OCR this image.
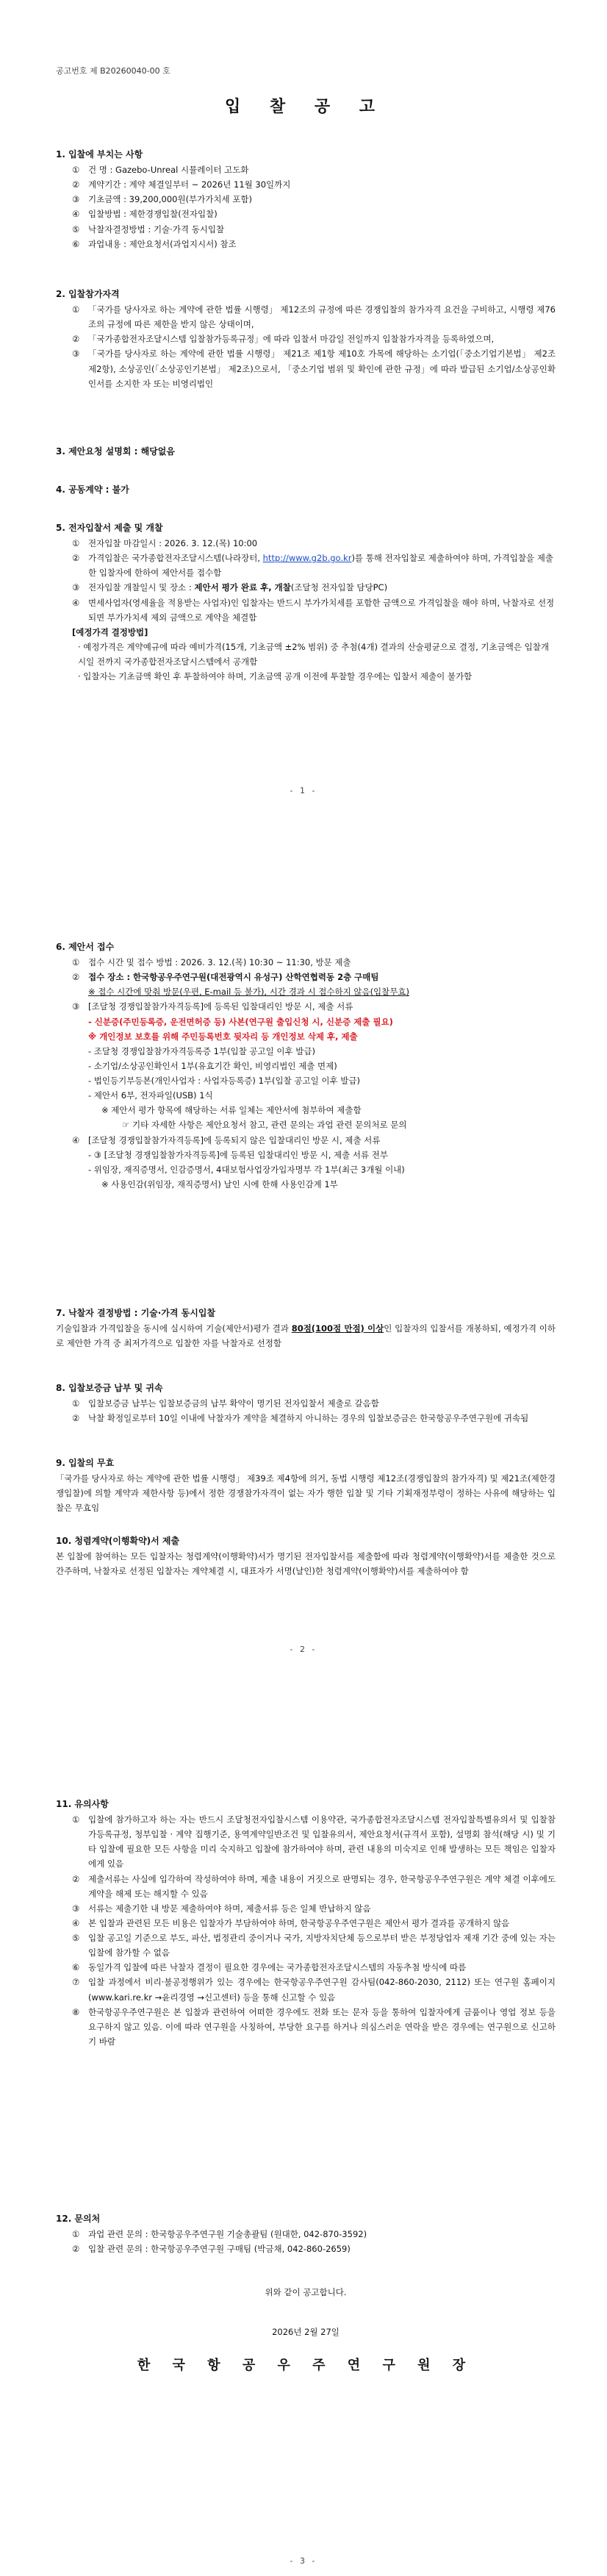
공고번호 제 B20260040-00 호
입 찰 공 고
1. 입찰에 부치는 사항
①	건 명 : Gazebo-Unreal 시뮬레이터 고도화
②	계약기간 : 계약 체결일부터 ~ 2026년 11월 30일까지
③	기초금액 : 39,200,000원(부가가치세 포함)
④	입찰방법 : 제한경쟁입찰(전자입찰)
⑤	낙찰자결정방법 : 기술·가격 동시입찰
⑥	과업내용 : 제안요청서(과업지시서) 참조
2. 입찰참가자격
①	「국가를 당사자로 하는 계약에 관한 법률 시행령」 제12조의 규정에 따른 경쟁입찰의 참가자격 요건을 구비하고, 시행령 제76조의 규정에 따른 제한을 받지 않은 상태이며,
②	「국가종합전자조달시스템 입찰참가등록규정」에 따라 입찰서 마감일 전일까지 입찰참가자격을 등록하였으며,
③	「국가를 당사자로 하는 계약에 관한 법률 시행령」 제21조 제1항 제10호 가목에 해당하는 소기업(「중소기업기본법」 제2조 제2항), 소상공인(「소상공인기본법」 제2조)으로서, 「중소기업 범위 및 확인에 관한 규정」에 따라 발급된 소기업/소상공인확인서를 소지한 자 또는 비영리법인
3. 제안요청 설명회 : 해당없음
4. 공동계약 : 불가
5. 전자입찰서 제출 및 개찰
①	전자입찰 마감일시 : 2026. 3. 12.(목) 10:00
②	가격입찰은 국가종합전자조달시스템(나라장터, http://www.g2b.go.kr)를 통해 전자입찰로 제출하여야 하며, 가격입찰을 제출한 입찰자에 한하여 제안서를 접수함
③	전자입찰 개찰일시 및 장소 : 제안서 평가 완료 후, 개찰(조달청 전자입찰 담당PC)
④	면세사업자(영세율을 적용받는 사업자)인 입찰자는 반드시 부가가치세를 포함한 금액으로 가격입찰을 해야 하며, 낙찰자로 선정되면 부가가치세 제외 금액으로 계약을 체결함
[예정가격 결정방법]
· 예정가격은 계약예규에 따라 예비가격(15개, 기초금액 ±2% 범위) 중 추첨(4개) 결과의 산술평균으로 결정, 기초금액은 입찰개시일 전까지 국가종합전자조달시스템에서 공개함
· 입찰자는 기초금액 확인 후 투찰하여야 하며, 기초금액 공개 이전에 투찰할 경우에는 입찰서 제출이 불가함
- 1 -
6. 제안서 접수
①	접수 시간 및 접수 방법 : 2026. 3. 12.(목) 10:30 ~ 11:30, 방문 제출
②	접수 장소 : 한국항공우주연구원(대전광역시 유성구) 산학연협력동 2층 구매팀
※ 접수 시간에 맞춰 방문(우편, E-mail 등 불가), 시간 경과 시 접수하지 않음(입찰무효)
③	[조달청 경쟁입찰참가자격등록]에 등록된 입찰대리인 방문 시, 제출 서류
- 신분증(주민등록증, 운전면허증 등) 사본(연구원 출입신청 시, 신분증 제출 필요)
※ 개인정보 보호를 위해 주민등록번호 뒷자리 등 개인정보 삭제 후, 제출
- 조달청 경쟁입찰참가자격등록증 1부(입찰 공고일 이후 발급)
- 소기업/소상공인확인서 1부(유효기간 확인, 비영리법인 제출 면제)
- 법인등기부등본(개인사업자 : 사업자등록증) 1부(입찰 공고일 이후 발급)
- 제안서 6부, 전자파일(USB) 1식
※ 제안서 평가 항목에 해당하는 서류 일체는 제안서에 첨부하여 제출함
☞ 기타 자세한 사항은 제안요청서 참고, 관련 문의는 과업 관련 문의처로 문의
④	[조달청 경쟁입찰참가자격등록]에 등록되지 않은 입찰대리인 방문 시, 제출 서류
- ③ [조달청 경쟁입찰참가자격등록]에 등록된 입찰대리인 방문 시, 제출 서류 전부
- 위임장, 재직증명서, 인감증명서, 4대보험사업장가입자명부 각 1부(최근 3개월 이내)
※ 사용인감(위임장, 재직증명서) 날인 시에 한해 사용인감계 1부
7. 낙찰자 결정방법 : 기술·가격 동시입찰
기술입찰과 가격입찰을 동시에 실시하여 기술(제안서)평가 결과 80점(100점 만점) 이상인 입찰자의 입찰서를 개봉하되, 예정가격 이하로 제안한 가격 중 최저가격으로 입찰한 자를 낙찰자로 선정함
8. 입찰보증금 납부 및 귀속
①	입찰보증금 납부는 입찰보증금의 납부 확약이 명기된 전자입찰서 제출로 갈음함
②	낙찰 확정일로부터 10일 이내에 낙찰자가 계약을 체결하지 아니하는 경우의 입찰보증금은 한국항공우주연구원에 귀속됨
9. 입찰의 무효
「국가를 당사자로 하는 계약에 관한 법률 시행령」 제39조 제4항에 의거, 동법 시행령 제12조(경쟁입찰의 참가자격) 및 제21조(제한경쟁입찰)에 의할 계약과 제한사항 등)에서 정한 경쟁참가자격이 없는 자가 행한 입찰 및 기타 기획재정부령이 정하는 사유에 해당하는 입찰은 무효임
10. 청렴계약(이행확약)서 제출
본 입찰에 참여하는 모든 입찰자는 청렴계약(이행확약)서가 명기된 전자입찰서를 제출함에 따라 청렴계약(이행확약)서를 제출한 것으로 간주하며, 낙찰자로 선정된 입찰자는 계약체결 시, 대표자가 서명(날인)한 청렴계약(이행확약)서를 제출하여야 함
- 2 -
11. 유의사항
①	입찰에 참가하고자 하는 자는 반드시 조달청전자입찰시스템 이용약관, 국가종합전자조달시스템 전자입찰특별유의서 및 입찰참가등록규정, 청부입찰 · 계약 집행기준, 용역계약일반조건 및 입찰유의서, 제안요청서(규격서 포함), 설명회 참석(해당 시) 및 기타 입찰에 필요한 모든 사항을 미리 숙지하고 입찰에 참가하여야 하며, 관련 내용의 미숙지로 인해 발생하는 모든 책임은 입찰자에게 있음
②	제출서류는 사실에 입각하여 작성하여야 하며, 제출 내용이 거짓으로 판명되는 경우, 한국항공우주연구원은 계약 체결 이후에도 계약을 해제 또는 해지할 수 있음
③	서류는 제출기한 내 방문 제출하여야 하며, 제출서류 등은 일체 반납하지 않음
④	본 입찰과 관련된 모든 비용은 입찰자가 부담하여야 하며, 한국항공우주연구원은 제안서 평가 결과를 공개하지 않음
⑤	입찰 공고일 기준으로 부도, 파산, 법정관리 중이거나 국가, 지방자치단체 등으로부터 받은 부정당업자 제재 기간 중에 있는 자는 입찰에 참가할 수 없음
⑥	동일가격 입찰에 따른 낙찰자 결정이 필요한 경우에는 국가종합전자조달시스템의 자동추첨 방식에 따름
⑦	입찰 과정에서 비리·불공정행위가 있는 경우에는 한국항공우주연구원 감사팀(042-860-2030, 2112) 또는 연구원 홈페이지(www.kari.re.kr →윤리경영 →신고센터) 등을 통해 신고할 수 있음
⑧	한국항공우주연구원은 본 입찰과 관련하여 어떠한 경우에도 전화 또는 문자 등을 통하여 입찰자에게 금품이나 영업 정보 등을 요구하지 않고 있음. 이에 따라 연구원을 사칭하여, 부당한 요구를 하거나 의심스러운 연락을 받은 경우에는 연구원으로 신고하기 바람
12. 문의처
①	과업 관련 문의 : 한국항공우주연구원 기술총괄팀 (원대한, 042-870-3592)
②	입찰 관련 문의 : 한국항공우주연구원 구매팀 (박금채, 042-860-2659)
위와 같이 공고합니다.
2026년 2월 27일
한 국 항 공 우 주 연 구 원 장
- 3 -
